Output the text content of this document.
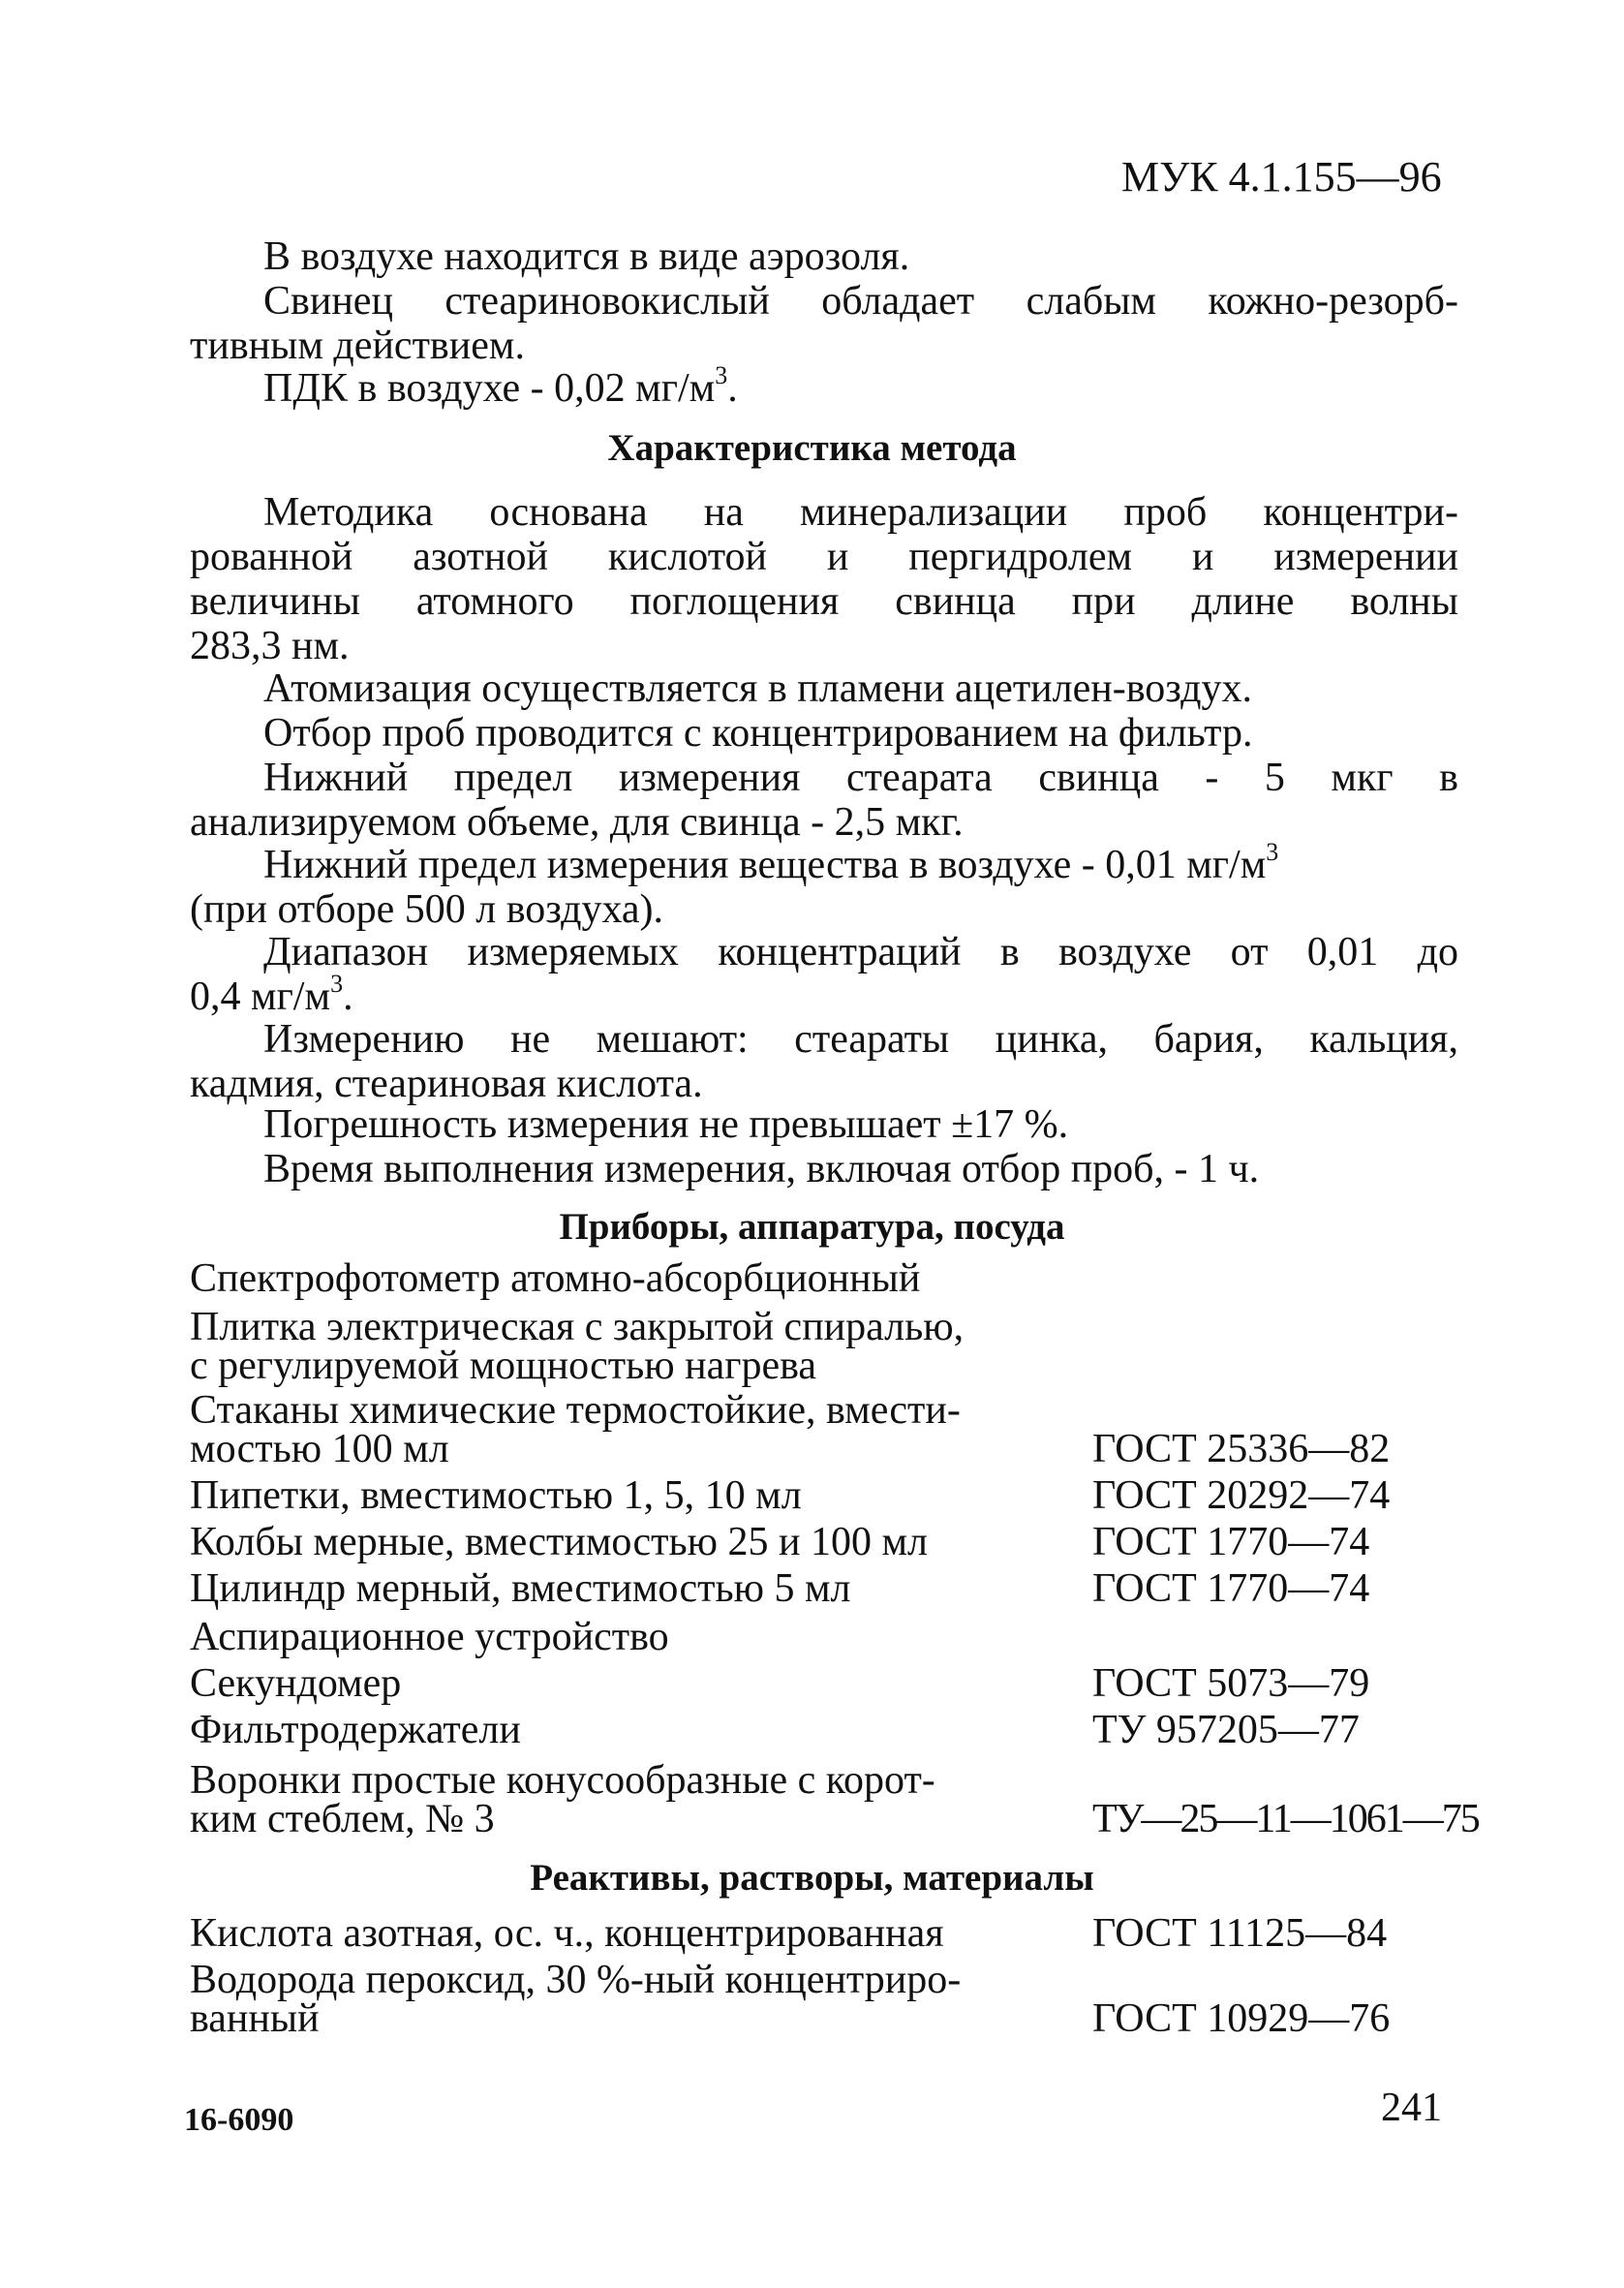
МУК 4.1.155—96
В воздухе находится в виде аэрозоля.
Свинец стеариновокислый обладает слабым кожно-резорб-
тивным действием.
ПДК в воздухе - 0,02 $мг/м^3$.
Характеристика метода
Методика основана на минерализации проб концентри-
рованной азотной кислотой и пергидролем и измерении
величины атомного поглощения свинца при длине волны
283,3 нм.
Атомизация осуществляется в пламени ацетилен-воздух.
Отбор проб проводится с концентрированием на фильтр.
Нижний предел измерения стеарата свинца - 5 мкг в
анализируемом объеме, для свинца - 2,5 мкг.
Нижний предел измерения вещества в воздухе - 0,01 $мг/м^3$
(при отборе 500 л воздуха).
Диапазон измеряемых концентраций в воздухе от 0,01 до
0,4 $мг/м^3$.
Измерению не мешают: стеараты цинка, бария, кальция,
кадмия, стеариновая кислота.
Погрешность измерения не превышает ±17 %.
Время выполнения измерения, включая отбор проб, - 1 ч.
Приборы, аппаратура, посуда
Спектрофотометр атомно-абсорбционный
Плитка электрическая с закрытой спиралью,
с регулируемой мощностью нагрева
Стаканы химические термостойкие, вмести-
мостью 100 мл	ГОСТ 25336—82
Пипетки, вместимостью 1, 5, 10 мл	ГОСТ 20292—74
Колбы мерные, вместимостью 25 и 100 мл	ГОСТ 1770—74
Цилиндр мерный, вместимостью 5 мл	ГОСТ 1770—74
Аспирационное устройство
Секундомер	ГОСТ 5073—79
Фильтродержатели	ТУ 957205—77
Воронки простые конусообразные с корот-
ким стеблем, № 3	ТУ—25—11—1061—75
Реактивы, растворы, материалы
Кислота азотная, ос. ч., концентрированная	ГОСТ 11125—84
Водорода пероксид, 30 %-ный концентриро-
ванный	ГОСТ 10929—76
16-6090	241
